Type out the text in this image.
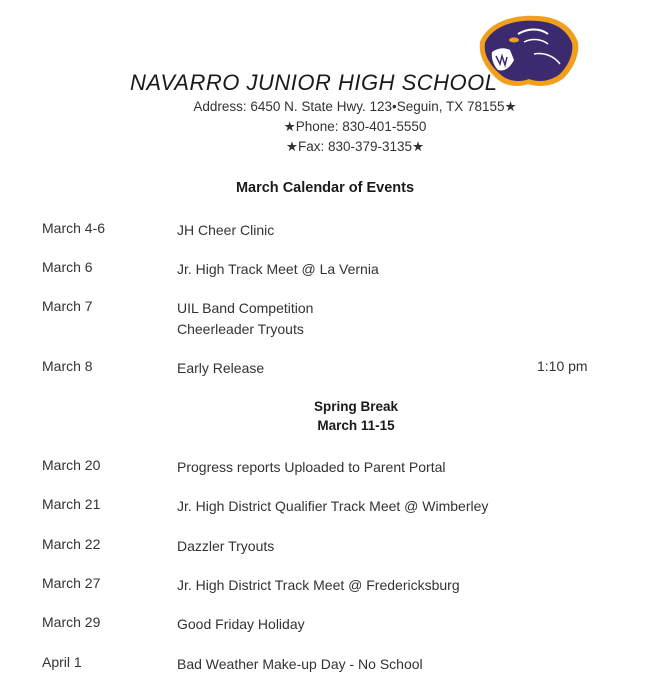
NAVARRO JUNIOR HIGH SCHOOL
Address: 6450 N. State Hwy. 123•Seguin, TX 78155★
★Phone: 830-401-5550
★Fax: 830-379-3135★
March Calendar of Events
March 4-6	JH Cheer Clinic
March 6	Jr. High Track Meet @ La Vernia
March 7	UIL Band Competition
Cheerleader Tryouts
March 8	Early Release	1:10 pm
Spring Break
March 11-15
March 20	Progress reports Uploaded to Parent Portal
March 21	Jr. High District Qualifier Track Meet @ Wimberley
March 22	Dazzler Tryouts
March 27	Jr. High District Track Meet @ Fredericksburg
March 29	Good Friday Holiday
April 1	Bad Weather Make-up Day - No School
